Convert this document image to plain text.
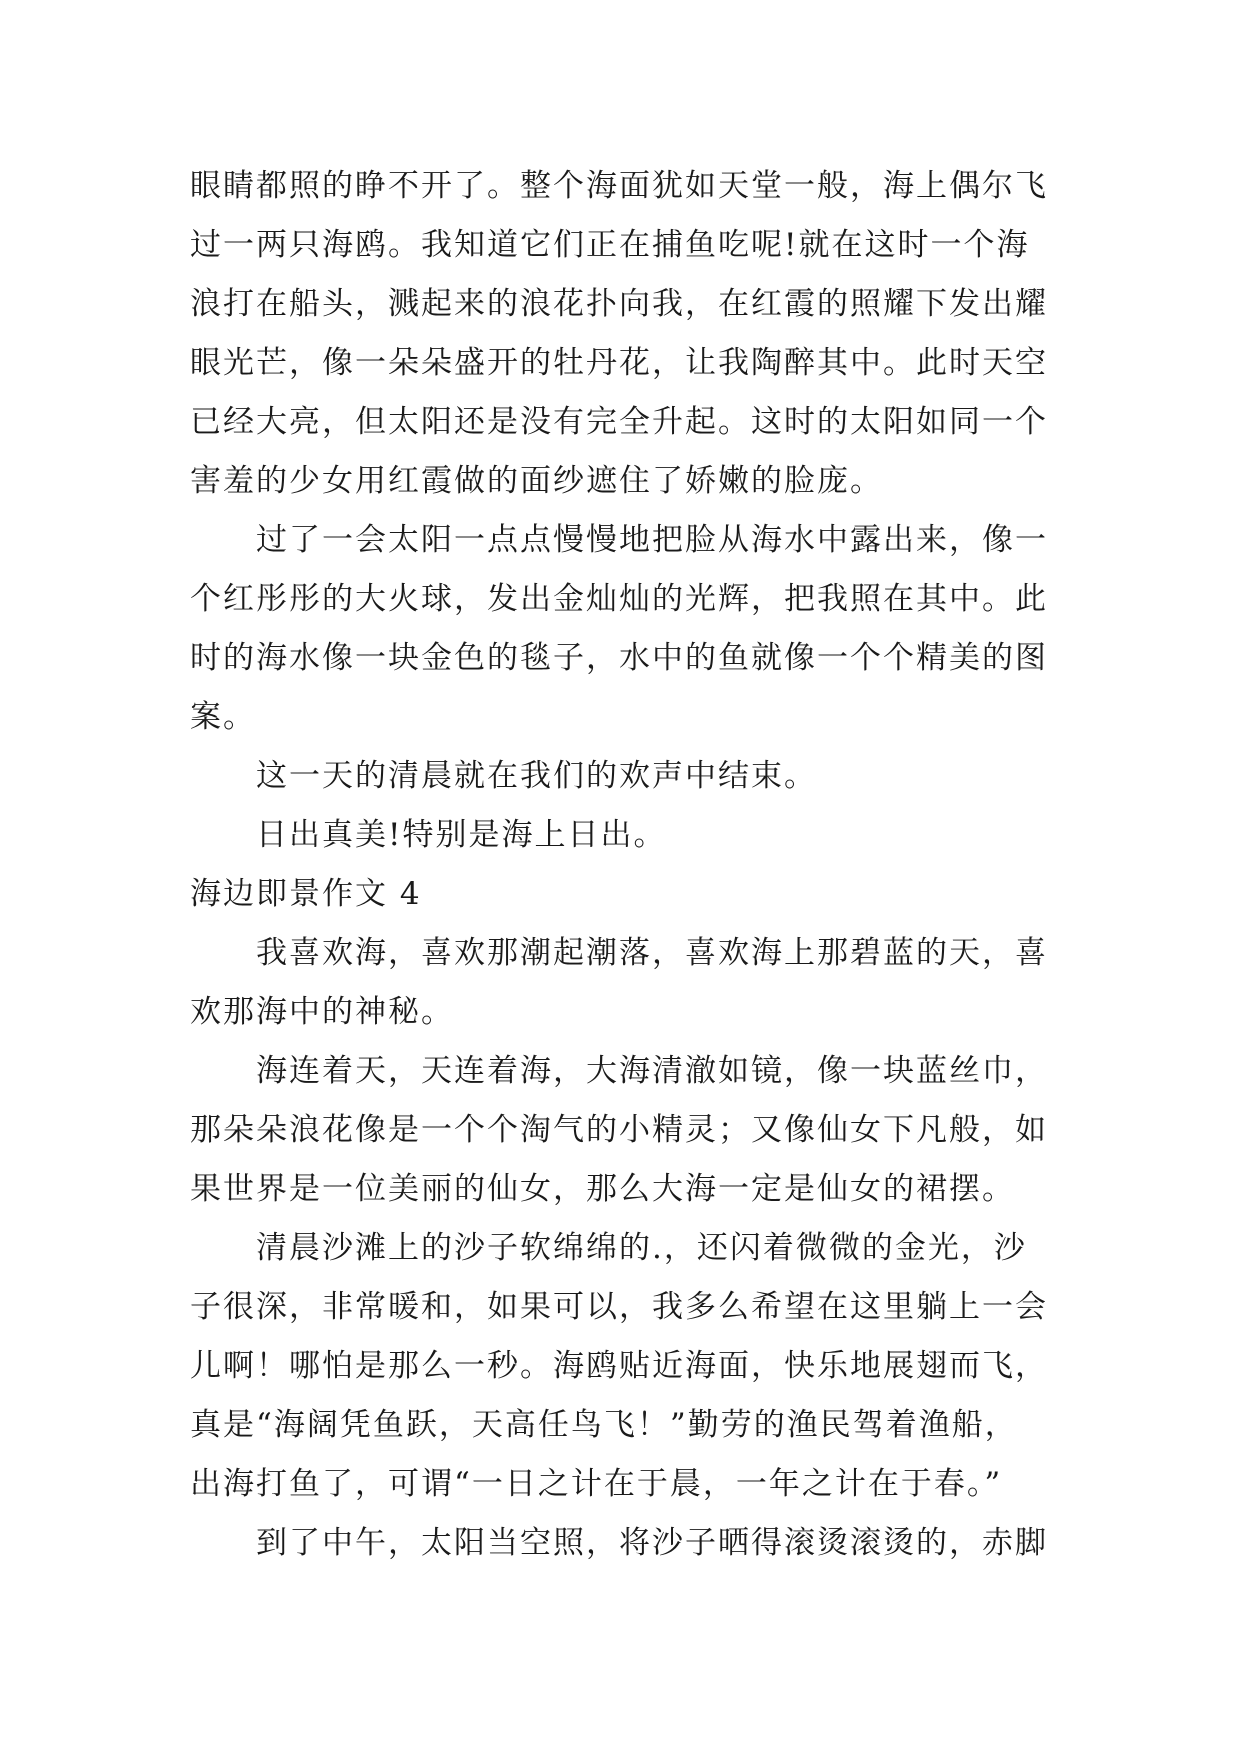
眼睛都照的睁不开了。整个海面犹如天堂一般，海上偶尔飞
过一两只海鸥。我知道它们正在捕鱼吃呢!就在这时一个海
浪打在船头，溅起来的浪花扑向我，在红霞的照耀下发出耀
眼光芒，像一朵朵盛开的牡丹花，让我陶醉其中。此时天空
已经大亮，但太阳还是没有完全升起。这时的太阳如同一个
害羞的少女用红霞做的面纱遮住了娇嫩的脸庞。
过了一会太阳一点点慢慢地把脸从海水中露出来，像一
个红彤彤的大火球，发出金灿灿的光辉，把我照在其中。此
时的海水像一块金色的毯子，水中的鱼就像一个个精美的图
案。
这一天的清晨就在我们的欢声中结束。
日出真美!特别是海上日出。
海边即景作文 4
我喜欢海，喜欢那潮起潮落，喜欢海上那碧蓝的天，喜
欢那海中的神秘。
海连着天，天连着海，大海清澈如镜，像一块蓝丝巾，
那朵朵浪花像是一个个淘气的小精灵；又像仙女下凡般，如
果世界是一位美丽的仙女，那么大海一定是仙女的裙摆。
清晨沙滩上的沙子软绵绵的.，还闪着微微的金光，沙
子很深，非常暖和，如果可以，我多么希望在这里躺上一会
儿啊！哪怕是那么一秒。海鸥贴近海面，快乐地展翅而飞，
真是“海阔凭鱼跃，天高任鸟飞！”勤劳的渔民驾着渔船，
出海打鱼了，可谓“一日之计在于晨，一年之计在于春。”
到了中午，太阳当空照，将沙子晒得滚烫滚烫的，赤脚
